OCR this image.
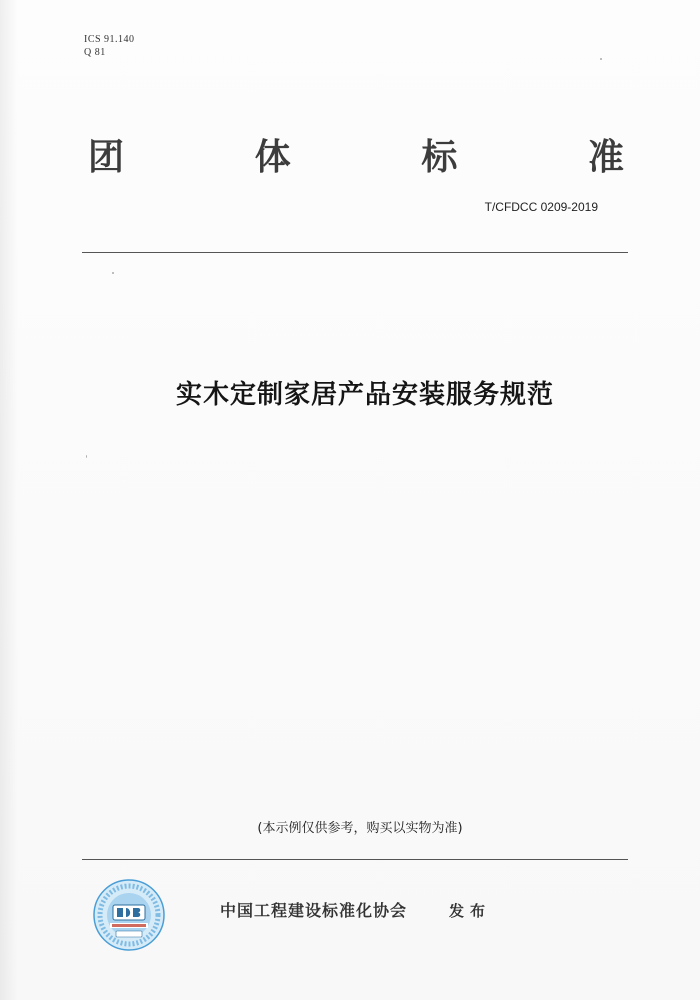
ICS 91.140
Q 81
团	体	标	准
T/CFDCC 0209-2019
实木定制家居产品安装服务规范
(本示例仅供参考，购买以实物为准)
中国工程建设标准化协会	发布
